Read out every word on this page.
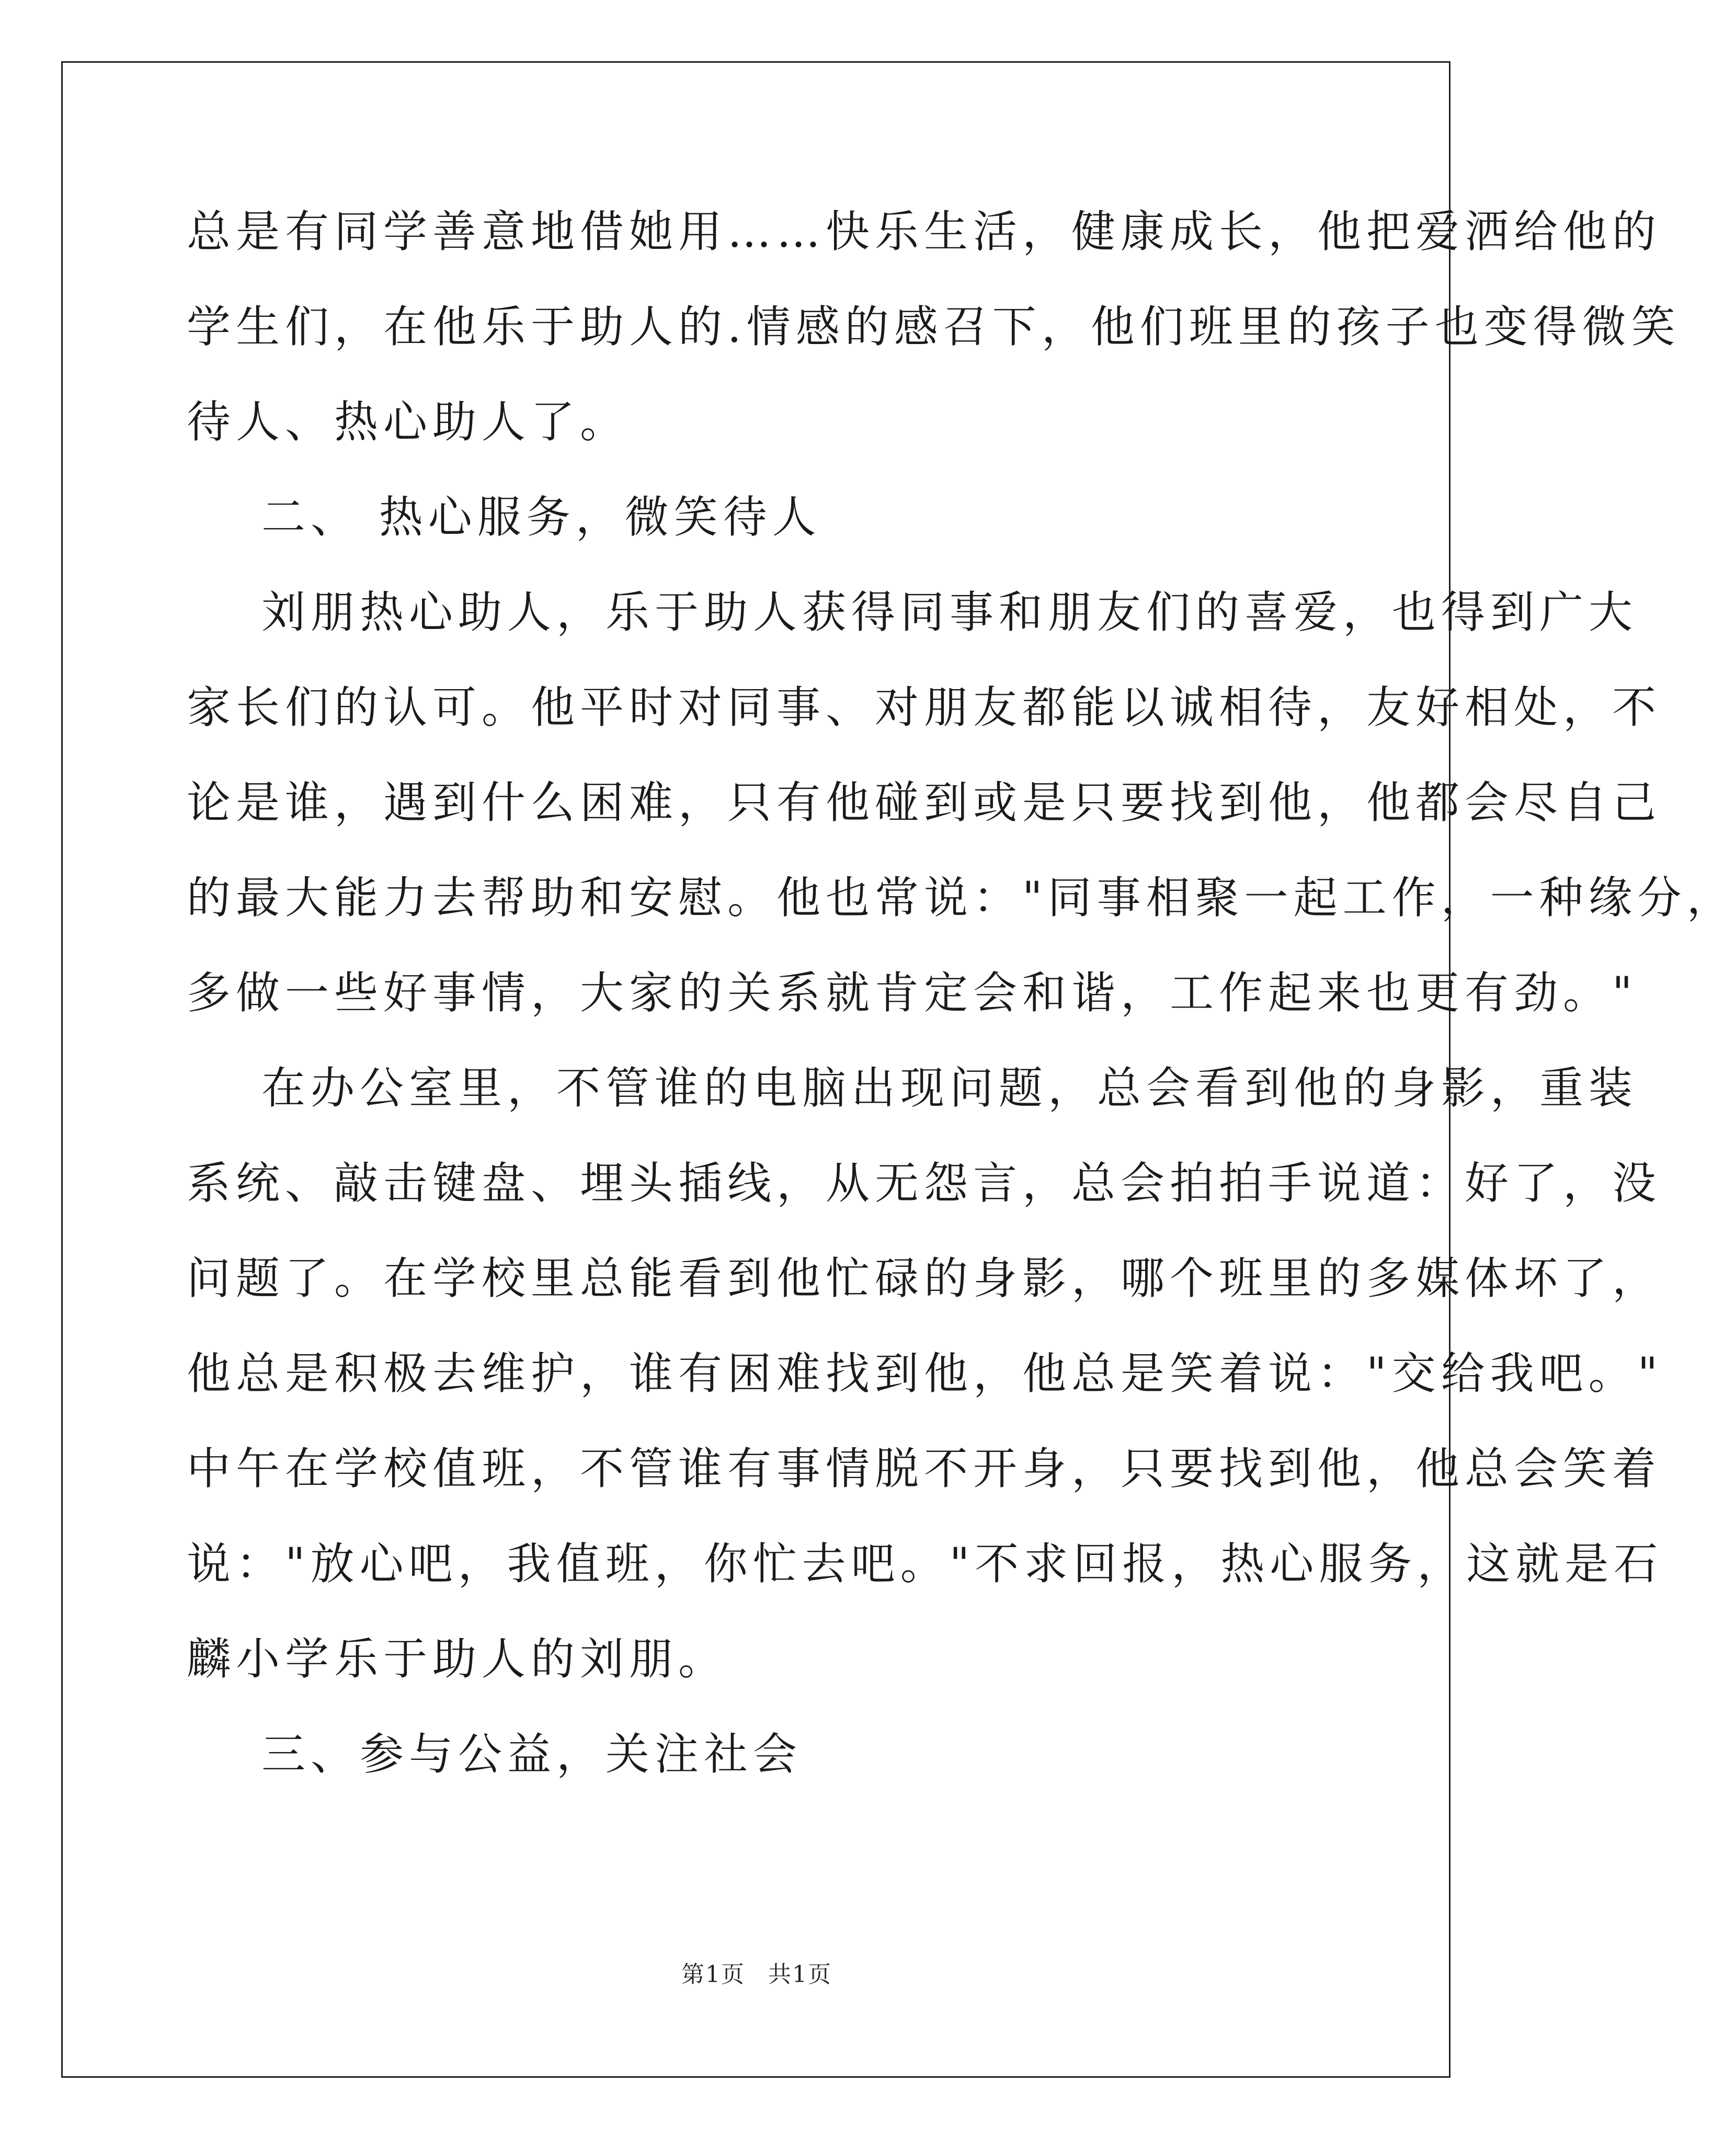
总是有同学善意地借她用……快乐生活，健康成长，他把爱洒给他的
学生们，在他乐于助人的.情感的感召下，他们班里的孩子也变得微笑
待人、热心助人了。
二、 热心服务，微笑待人
刘朋热心助人，乐于助人获得同事和朋友们的喜爱，也得到广大
家长们的认可。他平时对同事、对朋友都能以诚相待，友好相处，不
论是谁，遇到什么困难，只有他碰到或是只要找到他，他都会尽自己
的最大能力去帮助和安慰。他也常说："同事相聚一起工作，一种缘分，
多做一些好事情，大家的关系就肯定会和谐，工作起来也更有劲。"
在办公室里，不管谁的电脑出现问题，总会看到他的身影，重装
系统、敲击键盘、埋头插线，从无怨言，总会拍拍手说道：好了，没
问题了。在学校里总能看到他忙碌的身影，哪个班里的多媒体坏了，
他总是积极去维护，谁有困难找到他，他总是笑着说："交给我吧。"
中午在学校值班，不管谁有事情脱不开身，只要找到他，他总会笑着
说："放心吧，我值班，你忙去吧。"不求回报，热心服务，这就是石
麟小学乐于助人的刘朋。
三、参与公益，关注社会
第1页 共1页
